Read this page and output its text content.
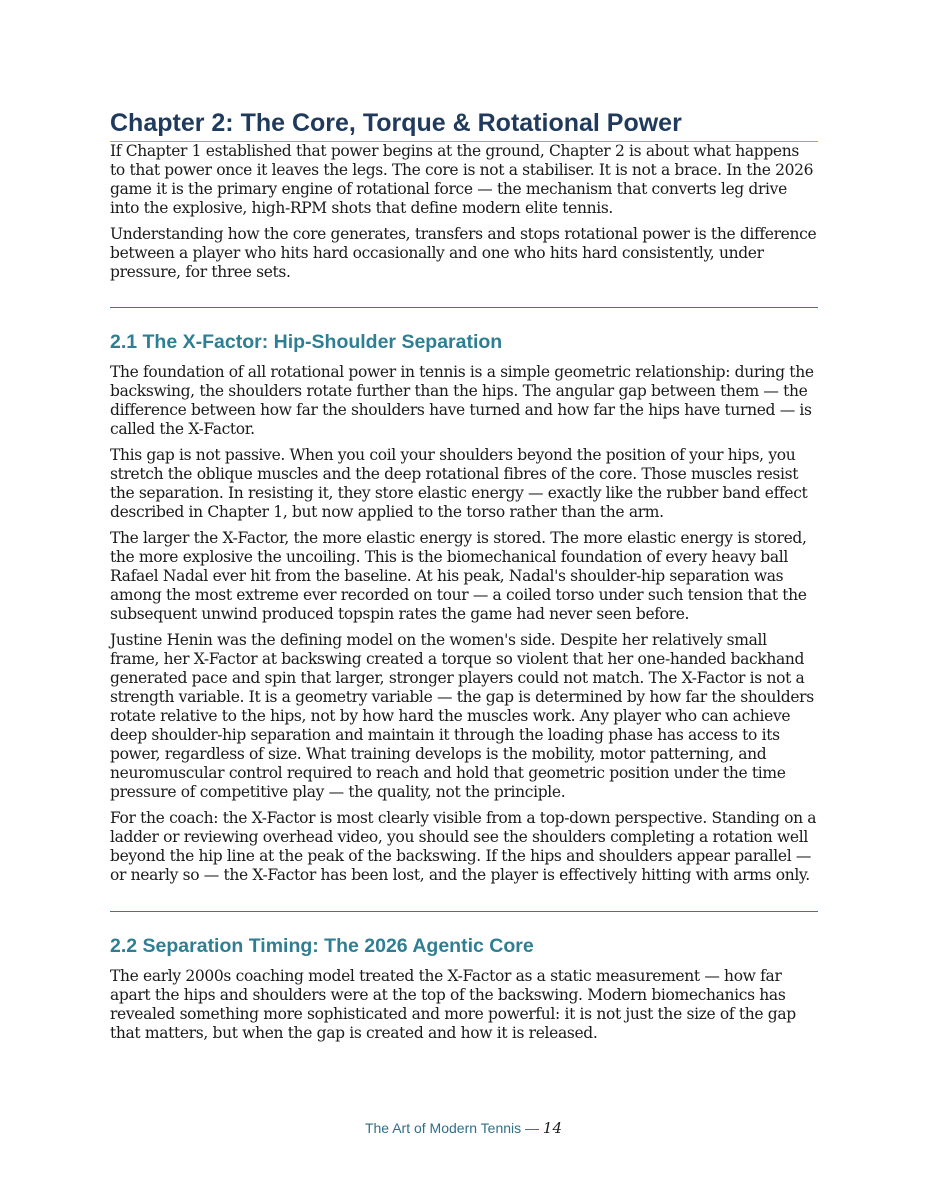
Chapter 2: The Core, Torque & Rotational Power

If Chapter 1 established that power begins at the ground, Chapter 2 is about what happens to that power once it leaves the legs. The core is not a stabiliser. It is not a brace. In the 2026 game it is the primary engine of rotational force — the mechanism that converts leg drive into the explosive, high-RPM shots that define modern elite tennis.

Understanding how the core generates, transfers and stops rotational power is the difference between a player who hits hard occasionally and one who hits hard consistently, under pressure, for three sets.

2.1 The X-Factor: Hip-Shoulder Separation

The foundation of all rotational power in tennis is a simple geometric relationship: during the backswing, the shoulders rotate further than the hips. The angular gap between them — the difference between how far the shoulders have turned and how far the hips have turned — is called the X-Factor.

This gap is not passive. When you coil your shoulders beyond the position of your hips, you stretch the oblique muscles and the deep rotational fibres of the core. Those muscles resist the separation. In resisting it, they store elastic energy — exactly like the rubber band effect described in Chapter 1, but now applied to the torso rather than the arm.

The larger the X-Factor, the more elastic energy is stored. The more elastic energy is stored, the more explosive the uncoiling. This is the biomechanical foundation of every heavy ball Rafael Nadal ever hit from the baseline. At his peak, Nadal's shoulder-hip separation was among the most extreme ever recorded on tour — a coiled torso under such tension that the subsequent unwind produced topspin rates the game had never seen before.

Justine Henin was the defining model on the women's side. Despite her relatively small frame, her X-Factor at backswing created a torque so violent that her one-handed backhand generated pace and spin that larger, stronger players could not match. The X-Factor is not a strength variable. It is a geometry variable — the gap is determined by how far the shoulders rotate relative to the hips, not by how hard the muscles work. Any player who can achieve deep shoulder-hip separation and maintain it through the loading phase has access to its power, regardless of size. What training develops is the mobility, motor patterning, and neuromuscular control required to reach and hold that geometric position under the time pressure of competitive play — the quality, not the principle.

For the coach: the X-Factor is most clearly visible from a top-down perspective. Standing on a ladder or reviewing overhead video, you should see the shoulders completing a rotation well beyond the hip line at the peak of the backswing. If the hips and shoulders appear parallel — or nearly so — the X-Factor has been lost, and the player is effectively hitting with arms only.

2.2 Separation Timing: The 2026 Agentic Core

The early 2000s coaching model treated the X-Factor as a static measurement — how far apart the hips and shoulders were at the top of the backswing. Modern biomechanics has revealed something more sophisticated and more powerful: it is not just the size of the gap that matters, but when the gap is created and how it is released.

The Art of Modern Tennis — 14
